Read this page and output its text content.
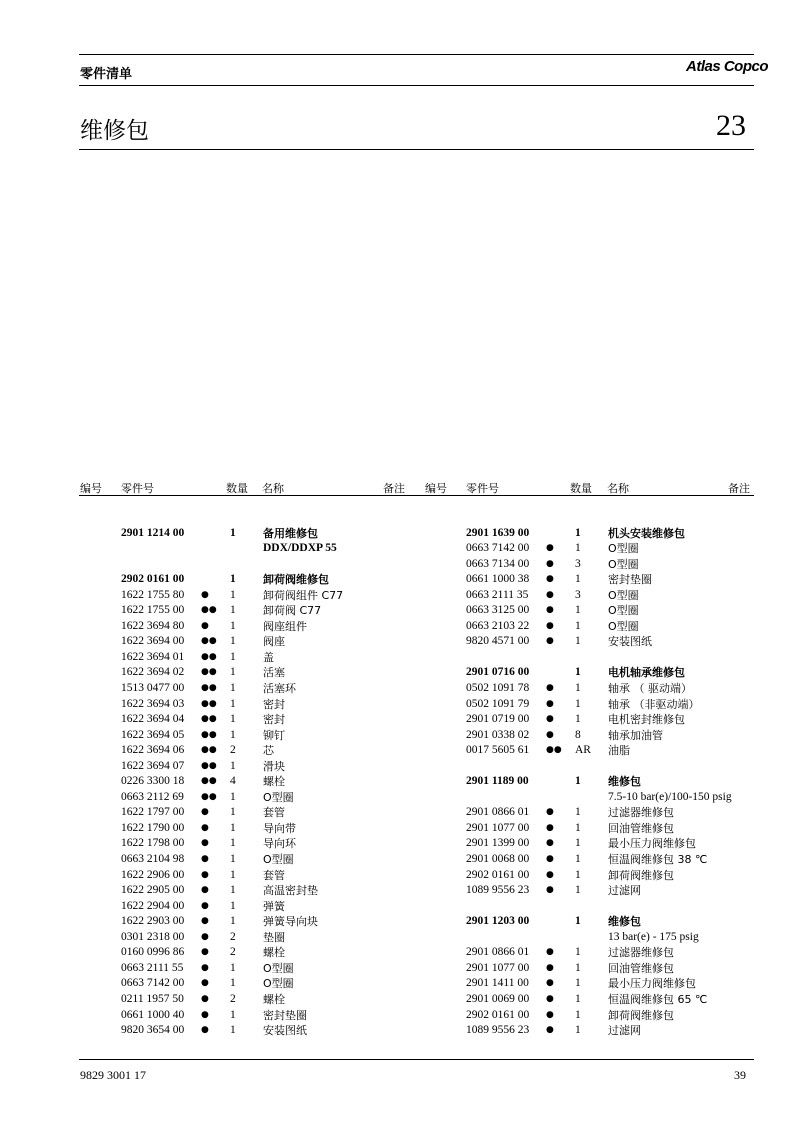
零件清单	Atlas Copco
维修包	23
编号 零件号	数量 名称	备注 编号 零件号	数量 名称	备注
2901 1214 00	1 备用维修包
DDX/DDXP 55
2902 0161 00	1 卸荷阀维修包
1622 1755 80 ● 1 卸荷阀组件 C77
1622 1755 00 ●● 1 卸荷阀 C77
1622 3694 80 ● 1 阀座组件
1622 3694 00 ●● 1 阀座
1622 3694 01 ●● 1 盖
1622 3694 02 ●● 1 活塞
1513 0477 00 ●● 1 活塞环
1622 3694 03 ●● 1 密封
1622 3694 04 ●● 1 密封
1622 3694 05 ●● 1 铆钉
1622 3694 06 ●● 2 芯
1622 3694 07 ●● 1 滑块
0226 3300 18 ●● 4 螺栓
0663 2112 69 ●● 1 O型圈
1622 1797 00 ● 1 套管
1622 1790 00 ● 1 导向带
1622 1798 00 ● 1 导向环
0663 2104 98 ● 1 O型圈
1622 2906 00 ● 1 套管
1622 2905 00 ● 1 高温密封垫
1622 2904 00 ● 1 弹簧
1622 2903 00 ● 1 弹簧导向块
0301 2318 00 ● 2 垫圈
0160 0996 86 ● 2 螺栓
0663 2111 55 ● 1 O型圈
0663 7142 00 ● 1 O型圈
0211 1957 50 ● 2 螺栓
0661 1000 40 ● 1 密封垫圈
9820 3654 00 ● 1 安装图纸
2901 1639 00	1 机头安装维修包
0663 7142 00 ● 1 O型圈
0663 7134 00 ● 3 O型圈
0661 1000 38 ● 1 密封垫圈
0663 2111 35 ● 3 O型圈
0663 3125 00 ● 1 O型圈
0663 2103 22 ● 1 O型圈
9820 4571 00 ● 1 安装图纸
2901 0716 00	1 电机轴承维修包
0502 1091 78 ● 1 轴承 （ 驱动端）
0502 1091 79 ● 1 轴承 （非驱动端）
2901 0719 00 ● 1 电机密封维修包
2901 0338 02 ● 8 轴承加油管
0017 5605 61 ●● AR 油脂
2901 1189 00	1 维修包
7.5-10 bar(e)/100-150 psig
2901 0866 01 ● 1 过滤器维修包
2901 1077 00 ● 1 回油管维修包
2901 1399 00 ● 1 最小压力阀维修包
2901 0068 00 ● 1 恒温阀维修包 38 ℃
2902 0161 00 ● 1 卸荷阀维修包
1089 9556 23 ● 1 过滤网
2901 1203 00	1 维修包
13 bar(e) - 175 psig
2901 0866 01 ● 1 过滤器维修包
2901 1077 00 ● 1 回油管维修包
2901 1411 00 ● 1 最小压力阀维修包
2901 0069 00 ● 1 恒温阀维修包 65 ℃
2902 0161 00 ● 1 卸荷阀维修包
1089 9556 23 ● 1 过滤网
9829 3001 17	39
